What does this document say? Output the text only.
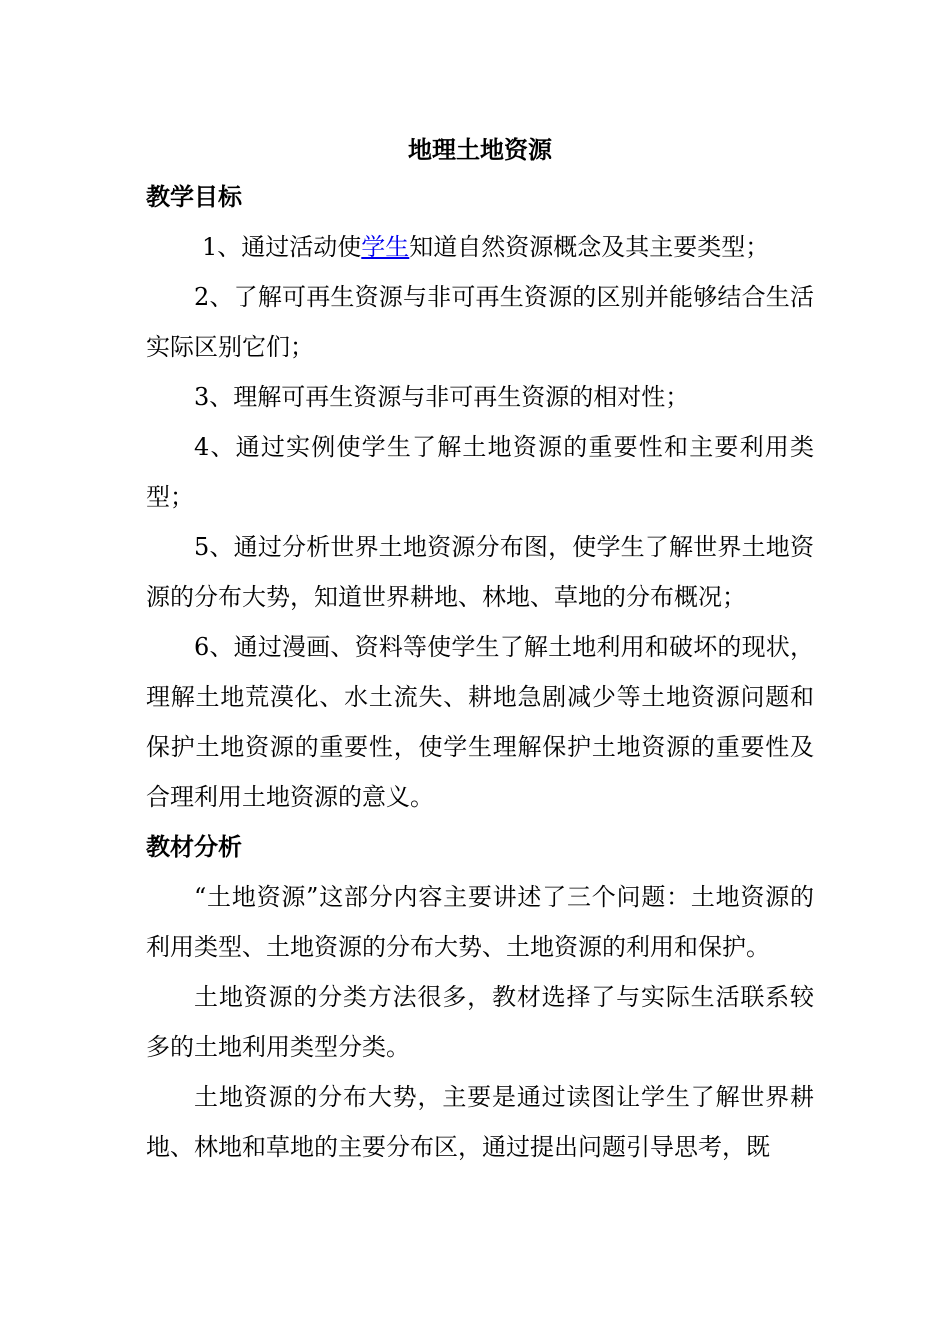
地理土地资源
教学目标

1、通过活动使学生知道自然资源概念及其主要类型；

2、了解可再生资源与非可再生资源的区别并能够结合生活实际区别它们；

3、理解可再生资源与非可再生资源的相对性；

4、通过实例使学生了解土地资源的重要性和主要利用类型；

5、通过分析世界土地资源分布图，使学生了解世界土地资源的分布大势，知道世界耕地、林地、草地的分布概况；

6、通过漫画、资料等使学生了解土地利用和破坏的现状，理解土地荒漠化、水土流失、耕地急剧减少等土地资源问题和保护土地资源的重要性，使学生理解保护土地资源的重要性及合理利用土地资源的意义。

教材分析

“土地资源”这部分内容主要讲述了三个问题：土地资源的利用类型、土地资源的分布大势、土地资源的利用和保护。

土地资源的分类方法很多，教材选择了与实际生活联系较多的土地利用类型分类。

土地资源的分布大势，主要是通过读图让学生了解世界耕地、林地和草地的主要分布区，通过提出问题引导思考，既
